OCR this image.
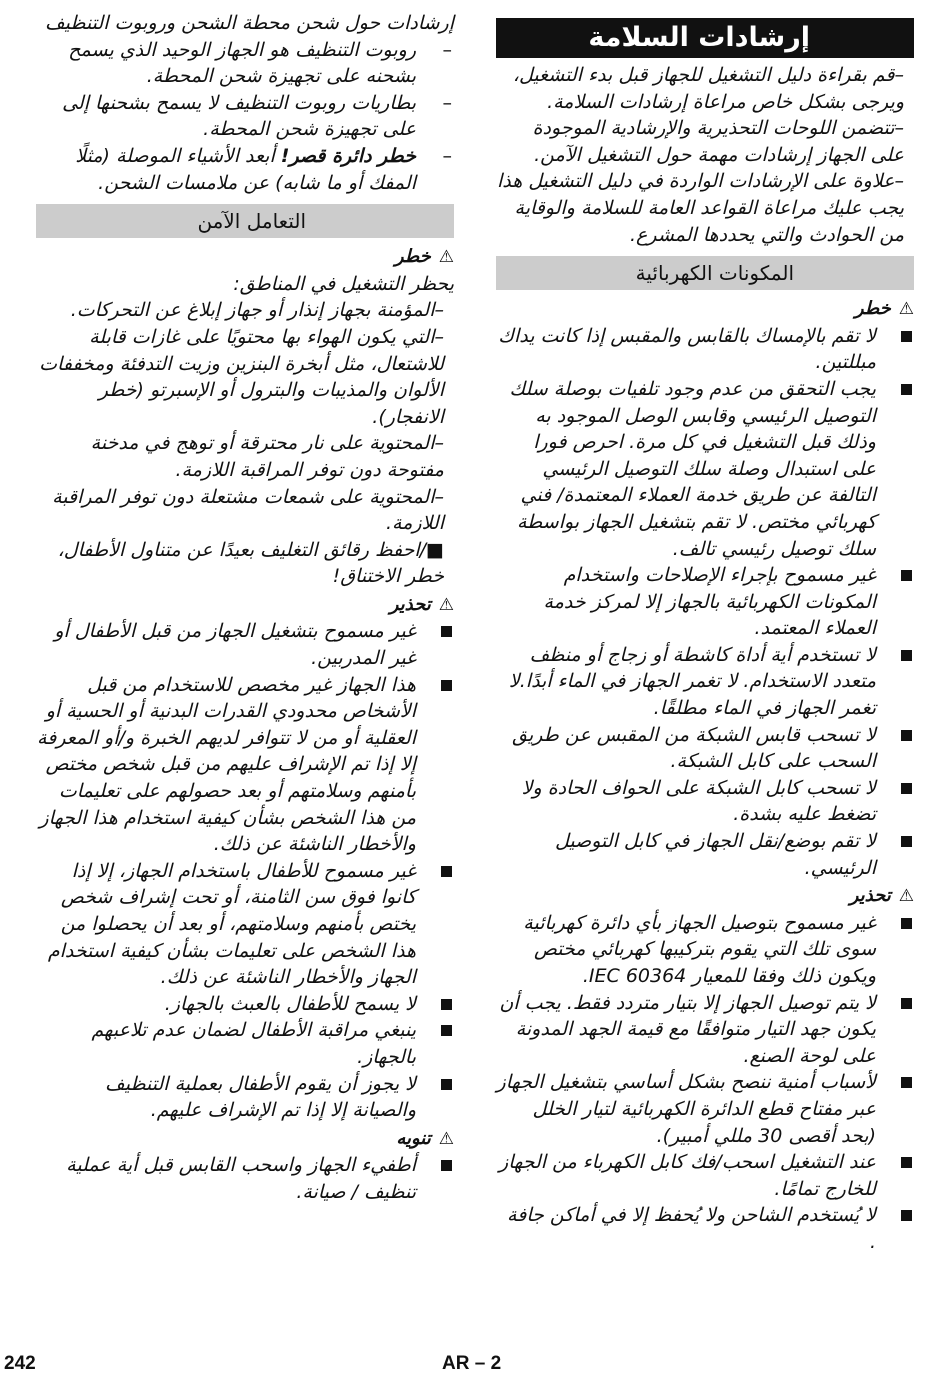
إرشادات السلامة

–قم بقراءة دليل التشغيل للجهاز قبل بدء التشغيل، ويرجى بشكل خاص مراعاة إرشادات السلامة.

–تتضمن اللوحات التحذيرية والإرشادية الموجودة على الجهاز إرشادات مهمة حول التشغيل الآمن.

–علاوة على الإرشادات الواردة في دليل التشغيل هذا يجب عليك مراعاة القواعد العامة للسلامة والوقاية من الحوادث والتي يحددها المشرع.

المكونات الكهربائية
⚠
خطر
لا تقم بالإمساك بالقابس والمقبس إذا كانت يداك مبللتين.
يجب التحقق من عدم وجود تلفيات بوصلة سلك التوصيل الرئيسي وقابس الوصل الموجود به وذلك قبل التشغيل في كل مرة. احرص فورا على استبدال وصلة سلك التوصيل الرئيسي التالفة عن طريق خدمة العملاء المعتمدة/ فني كهربائي مختص. لا تقم بتشغيل الجهاز بواسطة سلك توصيل رئيسي تالف.
غير مسموح بإجراء الإصلاحات واستخدام المكونات الكهربائية بالجهاز إلا لمركز خدمة العملاء المعتمد.
لا تستخدم أية أداة كاشطة أو زجاج أو منظف متعدد الاستخدام. لا تغمر الجهاز في الماء أبدًا.لا تغمر الجهاز في الماء مطلقًا.
لا تسحب قابس الشبكة من المقبس عن طريق السحب على كابل الشبكة.
لا تسحب كابل الشبكة على الحواف الحادة ولا تضغط عليه بشدة.
لا تقم بوضع/نقل الجهاز في كابل التوصيل الرئيسي.
⚠
تحذير
غير مسموح بتوصيل الجهاز بأي دائرة كهربائية سوى تلك التي يقوم بتركيبها كهربائي مختص ويكون ذلك وفقا للمعيار IEC 60364.
لا يتم توصيل الجهاز إلا بتيار متردد فقط. يجب أن يكون جهد التيار متوافقًا مع قيمة الجهد المدونة على لوحة الصنع.
لأسباب أمنية ننصح بشكل أساسي بتشغيل الجهاز عبر مفتاح قطع الدائرة الكهربائية لتيار الخلل (بحد أقصى 30 مللي أمبير).
عند التشغيل اسحب/فك كابل الكهرباء من الجهاز للخارج تمامًا.
لا يُستخدم الشاحن ولا يُحفظ إلا في أماكن جافة .

إرشادات حول شحن محطة الشحن وروبوت التنظيف

– روبوت التنظيف هو الجهاز الوحيد الذي يسمح بشحنه على تجهيزة شحن المحطة.
– بطاريات روبوت التنظيف لا يسمح بشحنها إلى على تجهيزة شحن المحطة.
– خطر دائرة قصر! أبعد الأشياء الموصلة (مثلًا المفك أو ما شابه) عن ملامسات الشحن.
التعامل الآمن
⚠
خطر

يحظر التشغيل في المناطق:

–المؤمنة بجهاز إنذار أو جهاز إبلاغ عن التحركات.

–التي يكون الهواء بها محتويًا على غازات قابلة للاشتعال، مثل أبخرة البنزين وزيت التدفئة ومخففات الألوان والمذيبات والبترول أو الإسبرتو (خطر الانفجار).

–المحتوية على نار محترقة أو توهج في مدخنة مفتوحة دون توفر المراقبة اللازمة.

–المحتوية على شمعات مشتعلة دون توفر المراقبة اللازمة.

■/احفظ رقائق التغليف بعيدًا عن متناول الأطفال، خطر الاختناق!

⚠
تحذير
غير مسموح بتشغيل الجهاز من قبل الأطفال أو غير المدربين.
هذا الجهاز غير مخصص للاستخدام من قبل الأشخاص محدودي القدرات البدنية أو الحسية أو العقلية أو من لا تتوافر لديهم الخبرة و/أو المعرفة إلا إذا تم الإشراف عليهم من قبل شخص مختص بأمنهم وسلامتهم أو بعد حصولهم على تعليمات من هذا الشخص بشأن كيفية استخدام هذا الجهاز والأخطار الناشئة عن ذلك.
غير مسموح للأطفال باستخدام الجهاز، إلا إذا كانوا فوق سن الثامنة، أو تحت إشراف شخص يختص بأمنهم وسلامتهم، أو بعد أن يحصلوا من هذا الشخص على تعليمات بشأن كيفية استخدام الجهاز والأخطار الناشئة عن ذلك.
لا يسمح للأطفال بالعبث بالجهاز.
ينبغي مراقبة الأطفال لضمان عدم تلاعبهم بالجهاز.
لا يجوز أن يقوم الأطفال بعملية التنظيف والصيانة إلا إذا تم الإشراف عليهم.
⚠
تنويه
أطفيء الجهاز واسحب القابس قبل أية عملية تنظيف / صيانة.
242	AR – 2
